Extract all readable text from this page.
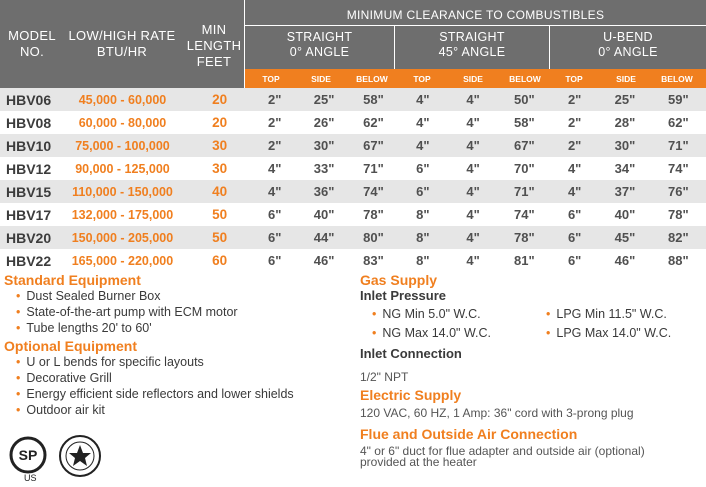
MODEL
NO.
LOW/HIGH RATE
BTU/HR
MIN
LENGTH
FEET
MINIMUM CLEARANCE TO COMBUSTIBLES
STRAIGHT
0° ANGLE
STRAIGHT
45° ANGLE
U-BEND
0° ANGLE
TOP	SIDE	BELOW	TOP	SIDE	BELOW	TOP	SIDE	BELOW
HBV06	45,000 - 60,000	20	2"	25"	58"	4"	4"	50"	2"	25"	59"
HBV08	60,000 - 80,000	20	2"	26"	62"	4"	4"	58"	2"	28"	62"
HBV10	75,000 - 100,000	30	2"	30"	67"	4"	4"	67"	2"	30"	71"
HBV12	90,000 - 125,000	30	4"	33"	71"	6"	4"	70"	4"	34"	74"
HBV15	110,000 - 150,000	40	4"	36"	74"	6"	4"	71"	4"	37"	76"
HBV17	132,000 - 175,000	50	6"	40"	78"	8"	4"	74"	6"	40"	78"
HBV20	150,000 - 205,000	50	6"	44"	80"	8"	4"	78"	6"	45"	82"
HBV22	165,000 - 220,000	60	6"	46"	83"	8"	4"	81"	6"	46"	88"
Standard Equipment
• Dust Sealed Burner Box
• State-of-the-art pump with ECM motor
• Tube lengths 20' to 60'
Optional Equipment
• U or L bends for specific layouts
• Decorative Grill
• Energy efficient side reflectors and lower shields
• Outdoor air kit
SP
US
Gas Supply
Inlet Pressure
• NG Min 5.0" W.C.
• NG Max 14.0" W.C.
• LPG Min 11.5" W.C.
• LPG Max 14.0" W.C.
Inlet Connection
1/2" NPT
Electric Supply
120 VAC, 60 HZ, 1 Amp: 36" cord with 3-prong plug
Flue and Outside Air Connection
4" or 6" duct for flue adapter and outside air (optional)
provided at the heater
